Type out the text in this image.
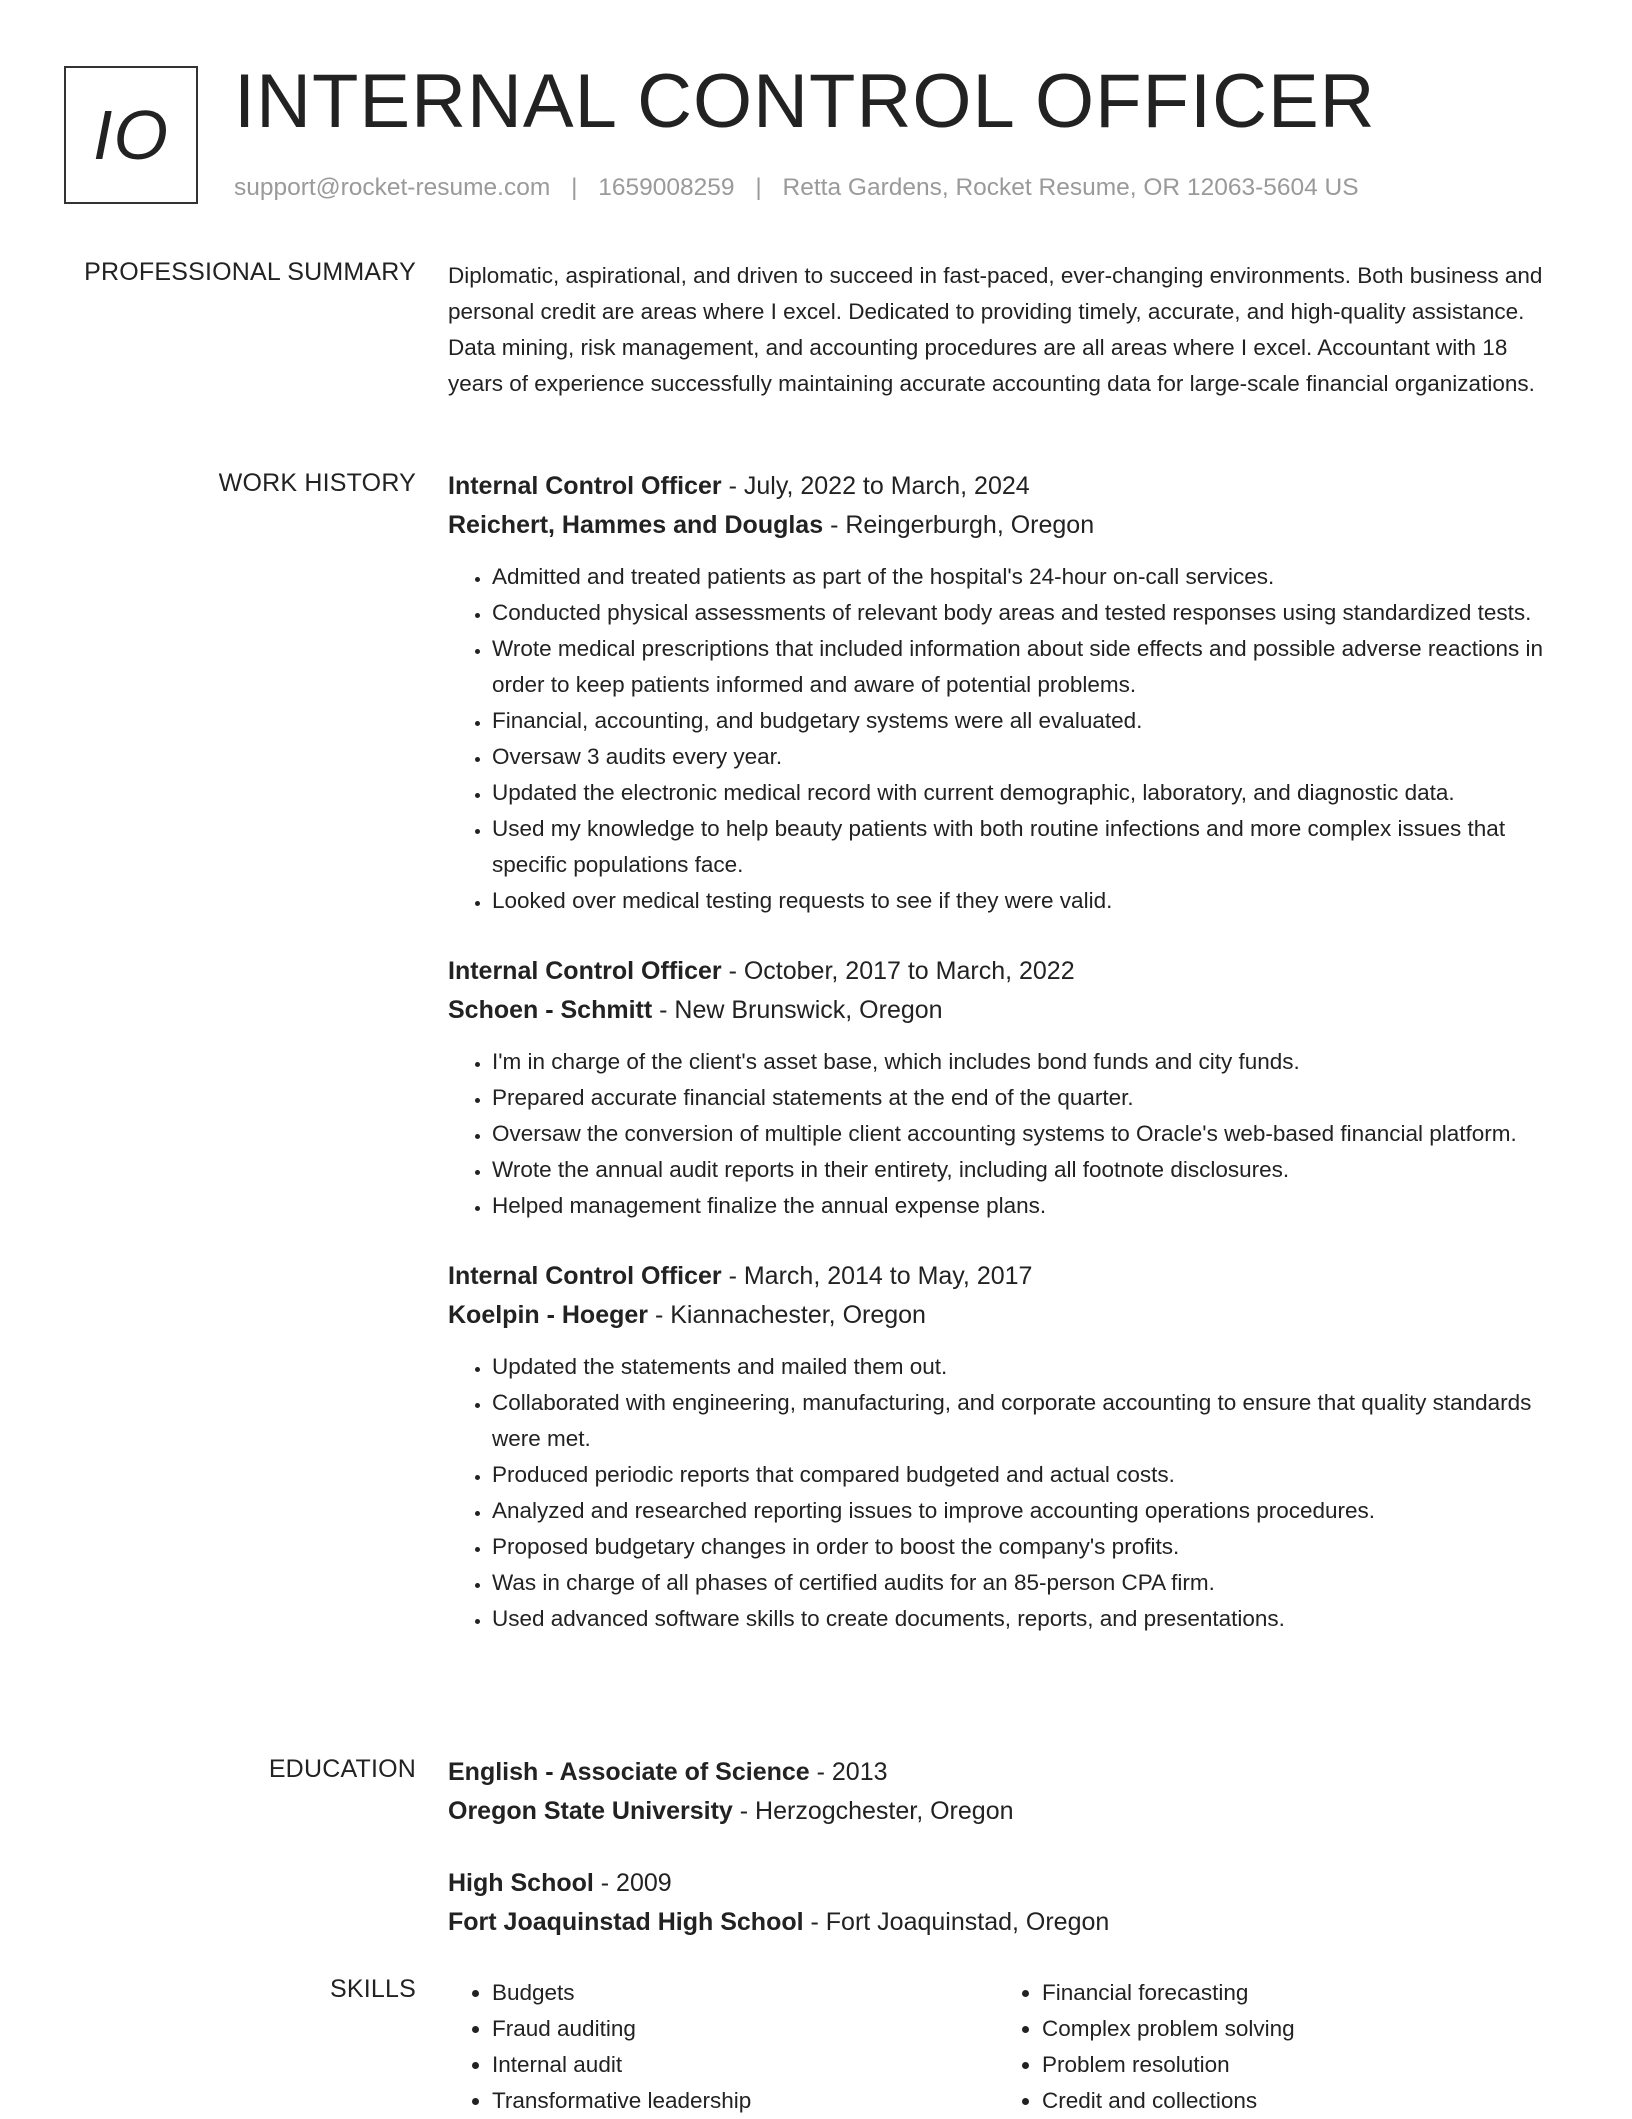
IO INTERNAL CONTROL OFFICER
support@rocket-resume.com | 1659008259 | Retta Gardens, Rocket Resume, OR 12063-5604 US
PROFESSIONAL SUMMARY Diplomatic, aspirational, and driven to succeed in fast-paced, ever-changing environments. Both business and personal credit are areas where I excel. Dedicated to providing timely, accurate, and high-quality assistance. Data mining, risk management, and accounting procedures are all areas where I excel. Accountant with 18 years of experience successfully maintaining accurate accounting data for large-scale financial organizations.

WORK HISTORY Internal Control Officer - July, 2022 to March, 2024
Reichert, Hammes and Douglas - Reingerburgh, Oregon
• Admitted and treated patients as part of the hospital's 24-hour on-call services.
• Conducted physical assessments of relevant body areas and tested responses using standardized tests.
• Wrote medical prescriptions that included information about side effects and possible adverse reactions in order to keep patients informed and aware of potential problems.
• Financial, accounting, and budgetary systems were all evaluated.
• Oversaw 3 audits every year.
• Updated the electronic medical record with current demographic, laboratory, and diagnostic data.
• Used my knowledge to help beauty patients with both routine infections and more complex issues that specific populations face.
• Looked over medical testing requests to see if they were valid.
Internal Control Officer - October, 2017 to March, 2022
Schoen - Schmitt - New Brunswick, Oregon
• I'm in charge of the client's asset base, which includes bond funds and city funds.
• Prepared accurate financial statements at the end of the quarter.
• Oversaw the conversion of multiple client accounting systems to Oracle's web-based financial platform.
• Wrote the annual audit reports in their entirety, including all footnote disclosures.
• Helped management finalize the annual expense plans.
Internal Control Officer - March, 2014 to May, 2017
Koelpin - Hoeger - Kiannachester, Oregon
• Updated the statements and mailed them out.
• Collaborated with engineering, manufacturing, and corporate accounting to ensure that quality standards were met.
• Produced periodic reports that compared budgeted and actual costs.
• Analyzed and researched reporting issues to improve accounting operations procedures.
• Proposed budgetary changes in order to boost the company's profits.
• Was in charge of all phases of certified audits for an 85-person CPA firm.
• Used advanced software skills to create documents, reports, and presentations.
EDUCATION English - Associate of Science - 2013
Oregon State University - Herzogchester, Oregon
High School - 2009
Fort Joaquinstad High School - Fort Joaquinstad, Oregon
SKILLS
•	Budgets
• Fraud auditing
• Internal audit
• Transformative leadership
• Financial forecasting
• Complex problem solving
• Problem resolution
• Credit and collections
